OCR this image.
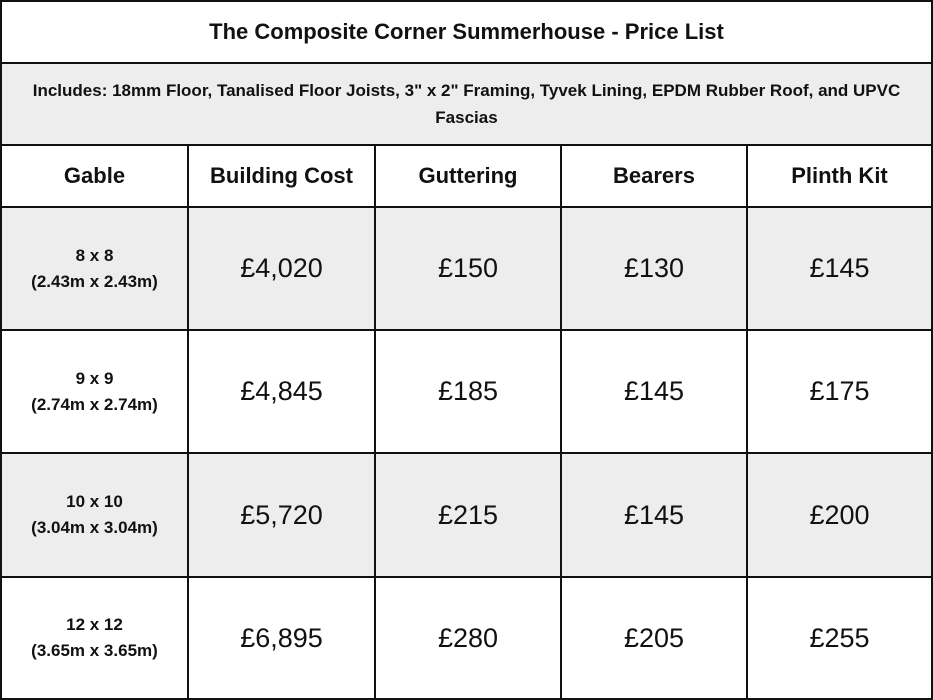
The Composite Corner Summerhouse - Price List
Includes: 18mm Floor, Tanalised Floor Joists, 3" x 2" Framing, Tyvek Lining, EPDM Rubber Roof, and UPVC Fascias
Gable	Building Cost	Guttering	Bearers	Plinth Kit
8 x 8
(2.43m x 2.43m)	£4,020	£150	£130	£145
9 x 9
(2.74m x 2.74m)	£4,845	£185	£145	£175
10 x 10
(3.04m x 3.04m)	£5,720	£215	£145	£200
12 x 12
(3.65m x 3.65m)	£6,895	£280	£205	£255
